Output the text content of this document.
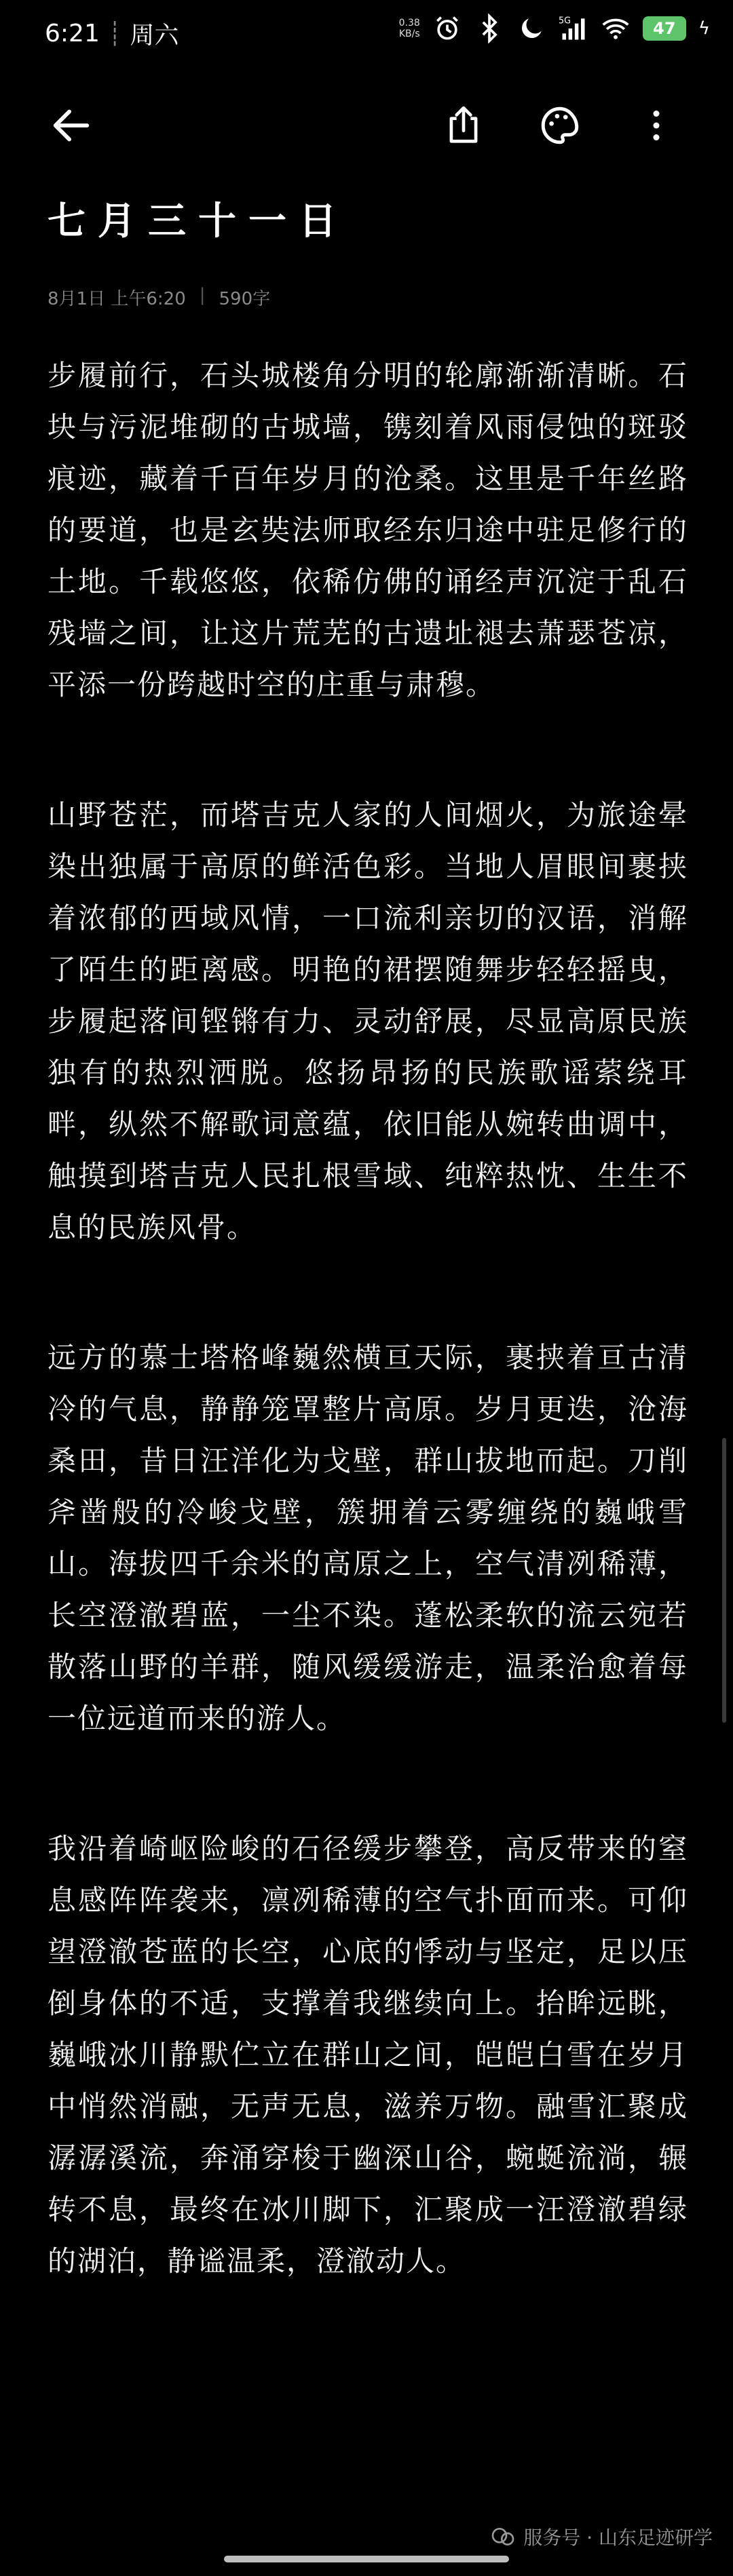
6:21 ┊ 周六	0.38
KB/s
5G	47	ϟ
七月三十一日
8月1日 上午6:20 | 590字

步履前行，石头城楼角分明的轮廓渐渐清晰。石块与污泥堆砌的古城墙，镌刻着风雨侵蚀的斑驳痕迹，藏着千百年岁月的沧桑。这里是千年丝路的要道，也是玄奘法师取经东归途中驻足修行的土地。千载悠悠，依稀仿佛的诵经声沉淀于乱石残墙之间，让这片荒芜的古遗址褪去萧瑟苍凉，平添一份跨越时空的庄重与肃穆。

山野苍茫，而塔吉克人家的人间烟火，为旅途晕染出独属于高原的鲜活色彩。当地人眉眼间裹挟着浓郁的西域风情，一口流利亲切的汉语，消解了陌生的距离感。明艳的裙摆随舞步轻轻摇曳，步履起落间铿锵有力、灵动舒展，尽显高原民族独有的热烈洒脱。悠扬昂扬的民族歌谣萦绕耳畔，纵然不解歌词意蕴，依旧能从婉转曲调中，触摸到塔吉克人民扎根雪域、纯粹热忱、生生不息的民族风骨。

远方的慕士塔格峰巍然横亘天际，裹挟着亘古清冷的气息，静静笼罩整片高原。岁月更迭，沧海桑田，昔日汪洋化为戈壁，群山拔地而起。刀削斧凿般的冷峻戈壁，簇拥着云雾缠绕的巍峨雪山。海拔四千余米的高原之上，空气清冽稀薄，长空澄澈碧蓝，一尘不染。蓬松柔软的流云宛若散落山野的羊群，随风缓缓游走，温柔治愈着每一位远道而来的游人。

我沿着崎岖险峻的石径缓步攀登，高反带来的窒息感阵阵袭来，凛冽稀薄的空气扑面而来。可仰望澄澈苍蓝的长空，心底的悸动与坚定，足以压倒身体的不适，支撑着我继续向上。抬眸远眺，巍峨冰川静默伫立在群山之间，皑皑白雪在岁月中悄然消融，无声无息，滋养万物。融雪汇聚成潺潺溪流，奔涌穿梭于幽深山谷，蜿蜒流淌，辗转不息，最终在冰川脚下，汇聚成一汪澄澈碧绿的湖泊，静谧温柔，澄澈动人。

服务号 · 山东足迹研学
